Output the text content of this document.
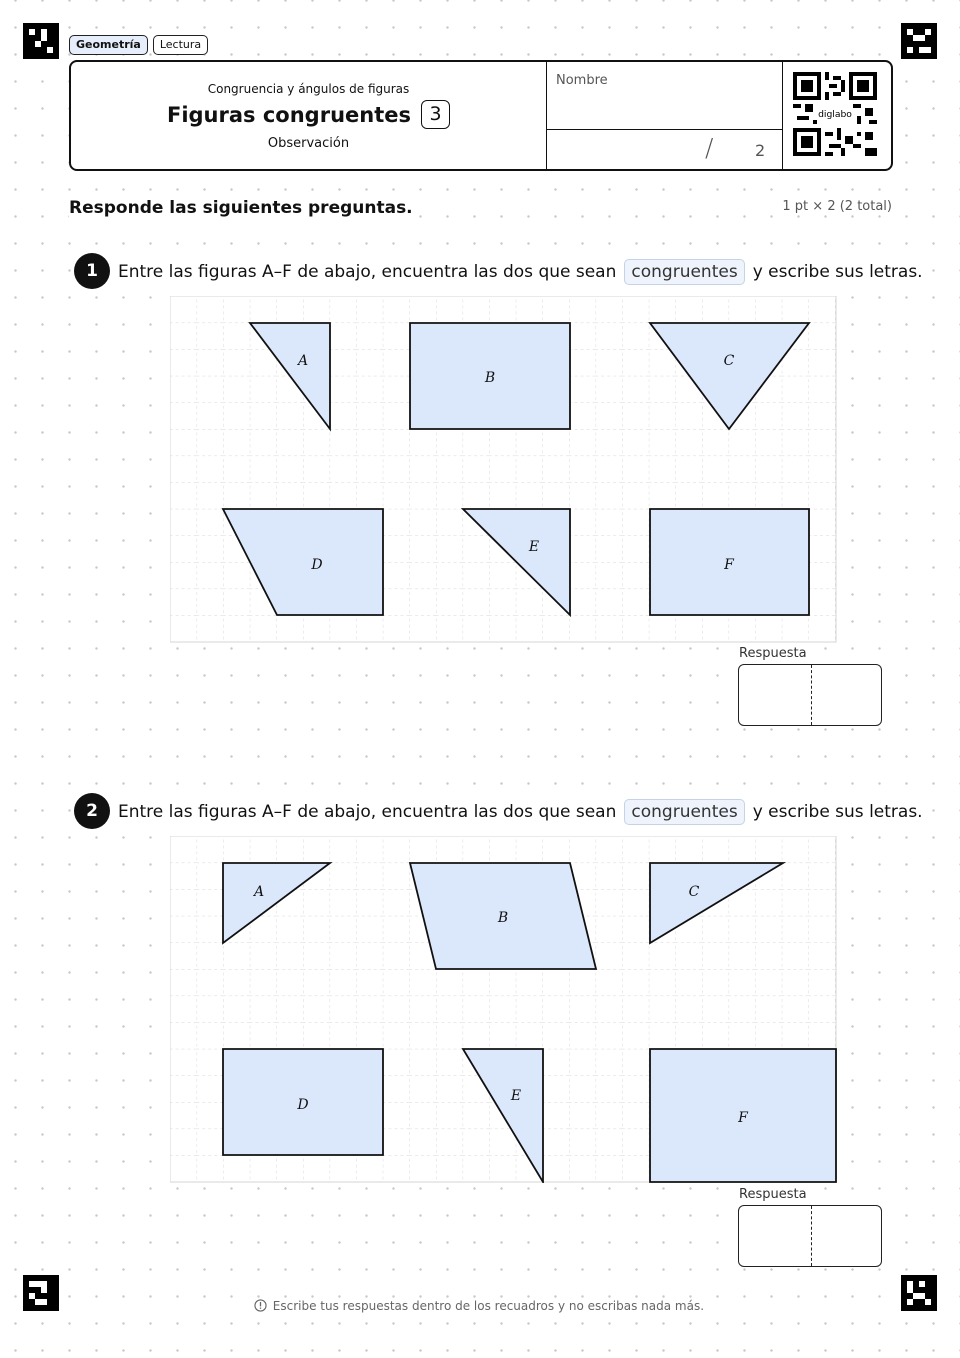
Geometría	Lectura
Congruencia y ángulos de figuras
Figuras congruentes 3
Observación
Nombre
/	2
diglabo
Responde las siguientes preguntas.	1 pt × 2 (2 total)
1	Entre las figuras A–F de abajo, encuentra las dos que sean congruentes y escribe sus letras.
A
B
C
D
E
F
Respuesta
2	Entre las figuras A–F de abajo, encuentra las dos que sean congruentes y escribe sus letras.
A
B
C
D
E
F
Respuesta
Escribe tus respuestas dentro de los recuadros y no escribas nada más.
